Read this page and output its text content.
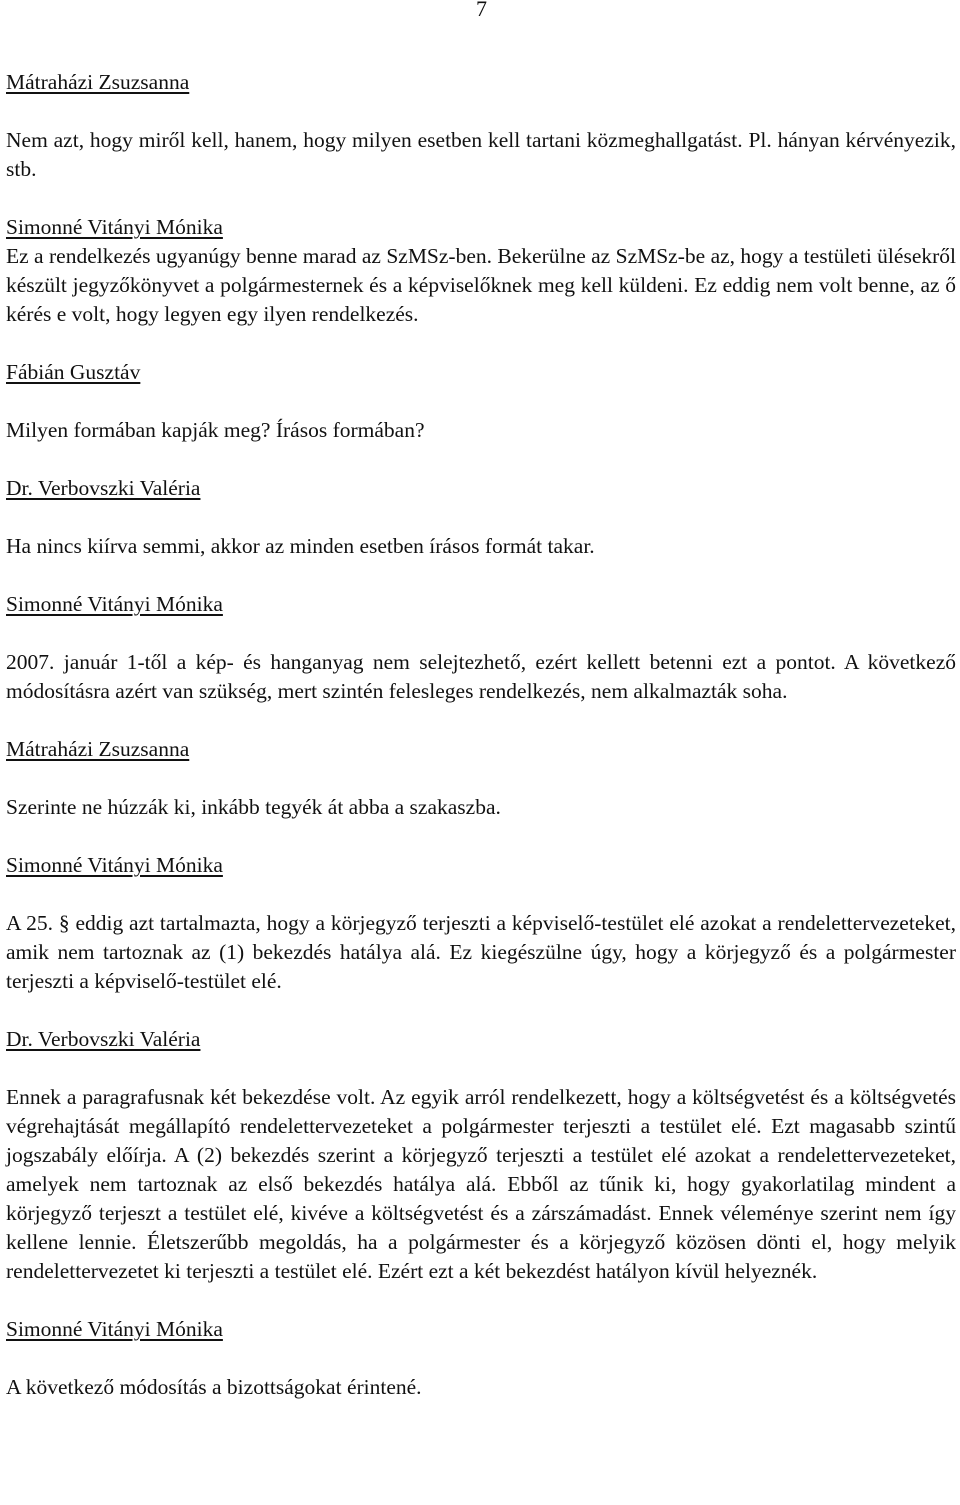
7

Mátraházi Zsuzsanna

Nem azt, hogy miről kell, hanem, hogy milyen esetben kell tartani közmeghallgatást. Pl. hányan kérvényezik, stb.

Simonné Vitányi Mónika

Ez a rendelkezés ugyanúgy benne marad az SzMSz-ben. Bekerülne az SzMSz-be az, hogy a testületi ülésekről készült jegyzőkönyvet a polgármesternek és a képviselőknek meg kell küldeni. Ez eddig nem volt benne, az ő kérés e volt, hogy legyen egy ilyen rendelkezés.

Fábián Gusztáv

Milyen formában kapják meg? Írásos formában?

Dr. Verbovszki Valéria

Ha nincs kiírva semmi, akkor az minden esetben írásos formát takar.

Simonné Vitányi Mónika

2007. január 1-től a kép- és hanganyag nem selejtezhető, ezért kellett betenni ezt a pontot. A következő módosításra azért van szükség, mert szintén felesleges rendelkezés, nem alkalmazták soha.

Mátraházi Zsuzsanna

Szerinte ne húzzák ki, inkább tegyék át abba a szakaszba.

Simonné Vitányi Mónika

A 25. § eddig azt tartalmazta, hogy a körjegyző terjeszti a képviselő-testület elé azokat a rendelettervezeteket, amik nem tartoznak az (1) bekezdés hatálya alá. Ez kiegészülne úgy, hogy a körjegyző és a polgármester terjeszti a képviselő-testület elé.

Dr. Verbovszki Valéria

Ennek a paragrafusnak két bekezdése volt. Az egyik arról rendelkezett, hogy a költségvetést és a költségvetés végrehajtását megállapító rendelettervezeteket a polgármester terjeszti a testület elé. Ezt magasabb szintű jogszabály előírja. A (2) bekezdés szerint a körjegyző terjeszti a testület elé azokat a rendelettervezeteket, amelyek nem tartoznak az első bekezdés hatálya alá. Ebből az tűnik ki, hogy gyakorlatilag mindent a körjegyző terjeszt a testület elé, kivéve a költségvetést és a zárszámadást. Ennek véleménye szerint nem így kellene lennie. Életszerűbb megoldás, ha a polgármester és a körjegyző közösen dönti el, hogy melyik rendelettervezetet ki terjeszti a testület elé. Ezért ezt a két bekezdést hatályon kívül helyeznék.

Simonné Vitányi Mónika

A következő módosítás a bizottságokat érintené.
